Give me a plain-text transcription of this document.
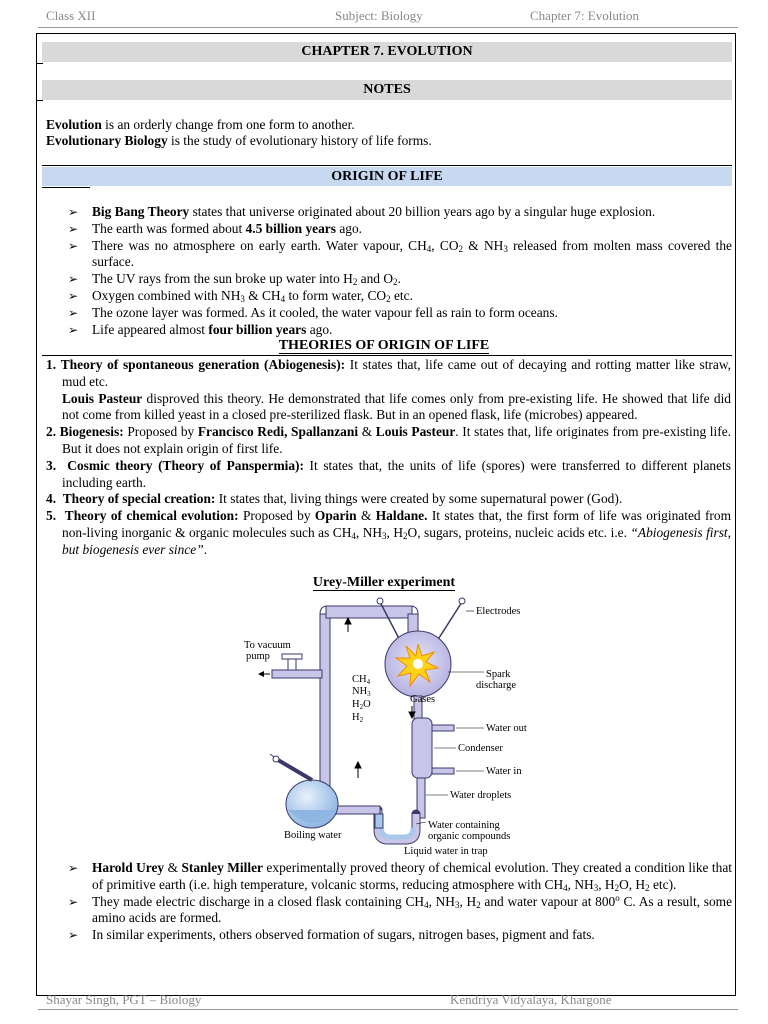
Class XII	Subject: Biology	Chapter 7: Evolution
CHAPTER 7. EVOLUTION
NOTES
Evolution is an orderly change from one form to another.
Evolutionary Biology is the study of evolutionary history of life forms.
ORIGIN OF LIFE
➢ Big Bang Theory states that universe originated about 20 billion years ago by a singular huge explosion.
➢ The earth was formed about 4.5 billion years ago.
➢ There was no atmosphere on early earth. Water vapour, $CH_4$, $CO_2$ & $NH_3$ released from molten mass covered the surface.
➢ The UV rays from the sun broke up water into $H_2$ and $O_2$.
➢ Oxygen combined with $NH_3$ & $CH_4$ to form water, $CO_2$ etc.
➢ The ozone layer was formed. As it cooled, the water vapour fell as rain to form oceans.
➢ Life appeared almost four billion years ago.
THEORIES OF ORIGIN OF LIFE
1. Theory of spontaneous generation (Abiogenesis): It states that, life came out of decaying and rotting matter like straw, mud etc.
Louis Pasteur disproved this theory. He demonstrated that life comes only from pre-existing life. He showed that life did not come from killed yeast in a closed pre-sterilized flask. But in an opened flask, life (microbes) appeared.
2. Biogenesis: Proposed by Francisco Redi, Spallanzani & Louis Pasteur. It states that, life originates from pre-existing life. But it does not explain origin of first life.
3. Cosmic theory (Theory of Panspermia): It states that, the units of life (spores) were transferred to different planets including earth.
4. Theory of special creation: It states that, living things were created by some supernatural power (God).
5. Theory of chemical evolution: Proposed by Oparin & Haldane. It states that, the first form of life was originated from non-living inorganic & organic molecules such as $CH_4$, $NH_3$, $H_2O$, sugars, proteins, nucleic acids etc. i.e. “Abiogenesis first, but biogenesis ever since”.
Urey-Miller experiment
Electrodes
To vacuum
pump
Spark
discharge
CH4
NH3
H2O
H2
Gases
Water out
Condenser
Water in
Water droplets
Water containing
organic compounds
Boiling water
Liquid water in trap
➢ Harold Urey & Stanley Miller experimentally proved theory of chemical evolution. They created a condition like that of primitive earth (i.e. high temperature, volcanic storms, reducing atmosphere with $CH_4$, $NH_3$, $H_2O$, $H_2$ etc).
➢ They made electric discharge in a closed flask containing $CH_4$, $NH_3$, $H_2$ and water vapour at 800$^o$ C. As a result, some amino acids are formed.
➢ In similar experiments, others observed formation of sugars, nitrogen bases, pigment and fats.
Shayar Singh, PGT – Biology	Kendriya Vidyalaya, Khargone
